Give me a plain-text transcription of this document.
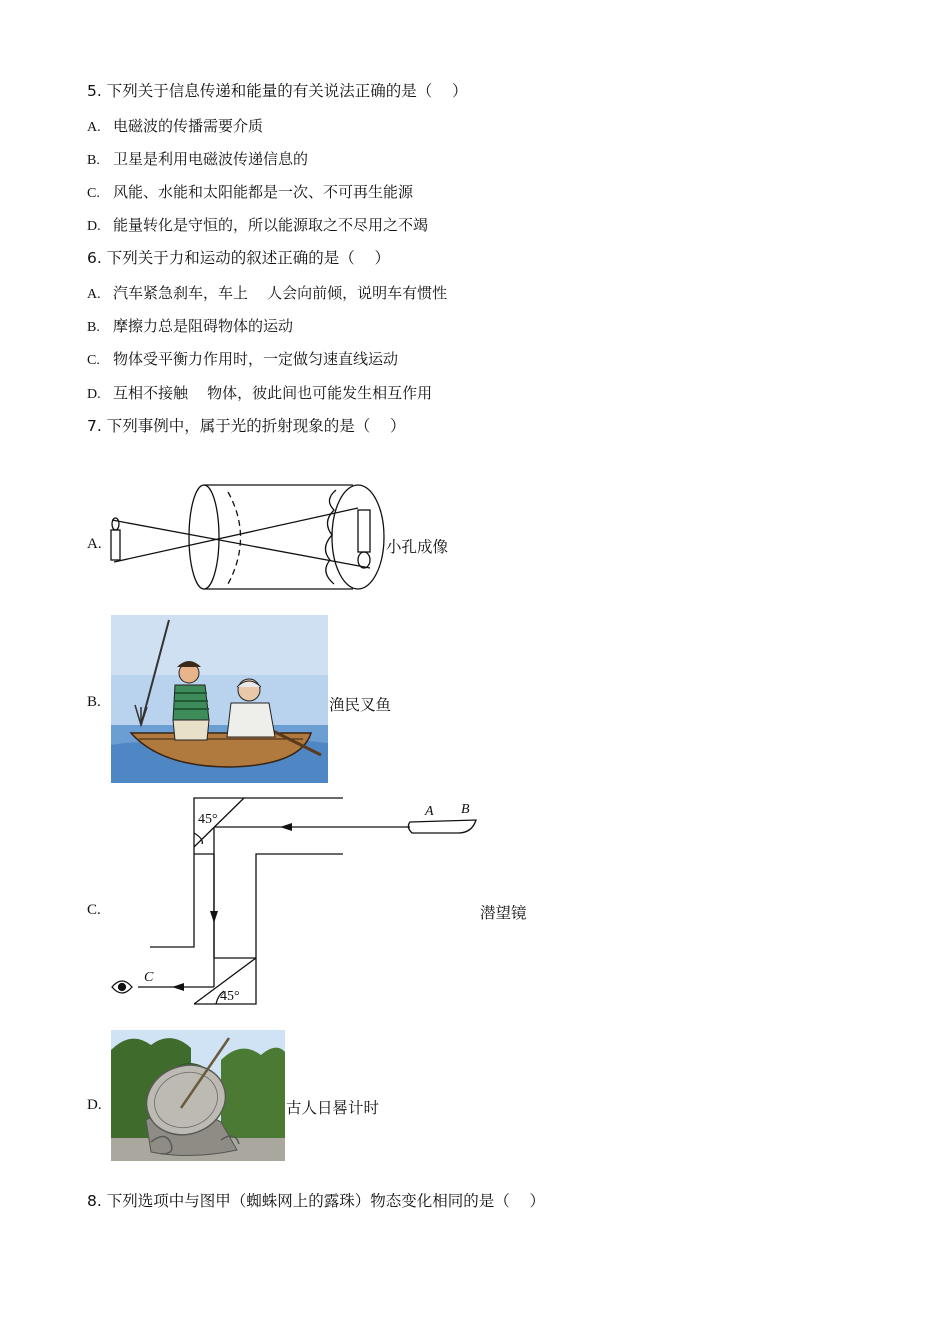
5. 下列关于信息传递和能量的有关说法正确的是（    ）
A. 电磁波的传播需要介质
B. 卫星是利用电磁波传递信息的
C. 风能、水能和太阳能都是一次、不可再生能源
D. 能量转化是守恒的，所以能源取之不尽用之不竭
6. 下列关于力和运动的叙述正确的是（    ）
A. 汽车紧急刹车，车上    人会向前倾，说明车有惯性
B. 摩擦力总是阻碍物体的运动
C. 物体受平衡力作用时，一定做匀速直线运动
D. 互相不接触    物体，彼此间也可能发生相互作用
7. 下列事例中，属于光的折射现象的是（    ）
A.	小孔成像
B.	渔民叉鱼
C.
45°
45°
A B
C
潜望镜
D.	古人日晷计时
8. 下列选项中与图甲（蜘蛛网上的露珠）物态变化相同的是（    ）
